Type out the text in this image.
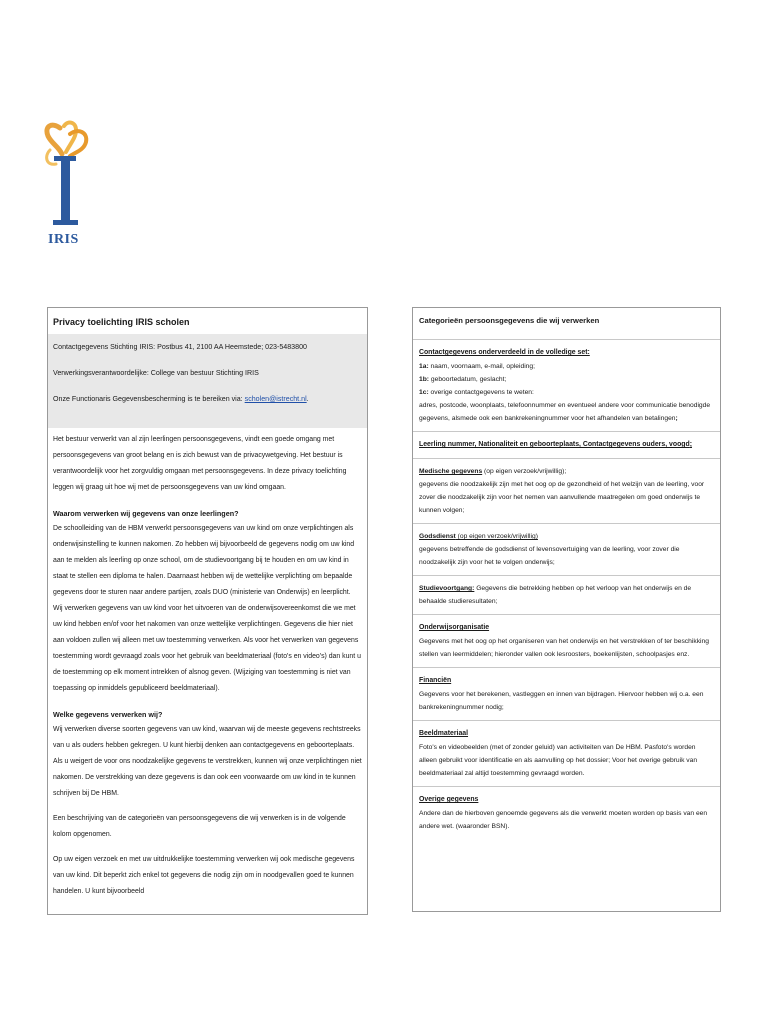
IRIS
Privacy toelichting IRIS scholen
Contactgegevens Stichting IRIS: Postbus 41, 2100 AA Heemstede; 023-5483800
Verwerkingsverantwoordelijke: College van bestuur Stichting IRIS
Onze Functionaris Gegevensbescherming is te bereiken via: scholen@istrecht.nl.
Het bestuur verwerkt van al zijn leerlingen persoonsgegevens, vindt een goede omgang met persoonsgegevens van groot belang en is zich bewust van de privacywetgeving. Het bestuur is verantwoordelijk voor het zorgvuldig omgaan met persoonsgegevens. In deze privacy toelichting leggen wij graag uit hoe wij met de persoonsgegevens van uw kind omgaan.
Waarom verwerken wij gegevens van onze leerlingen?
De schoolleiding van de HBM verwerkt persoonsgegevens van uw kind om onze verplichtingen als onderwijsinstelling te kunnen nakomen. Zo hebben wij bijvoorbeeld de gegevens nodig om uw kind aan te melden als leerling op onze school, om de studievoortgang bij te houden en om uw kind in staat te stellen een diploma te halen. Daarnaast hebben wij de wettelijke verplichting om bepaalde gegevens door te sturen naar andere partijen, zoals DUO (ministerie van Onderwijs) en leerplicht.
Wij verwerken gegevens van uw kind voor het uitvoeren van de onderwijsovereenkomst die we met uw kind hebben en/of voor het nakomen van onze wettelijke verplichtingen. Gegevens die hier niet aan voldoen zullen wij alleen met uw toestemming verwerken. Als voor het verwerken van gegevens toestemming wordt gevraagd zoals voor het gebruik van beeldmateriaal (foto's en video's) dan kunt u de toestemming op elk moment intrekken of alsnog geven. (Wijziging van toestemming is niet van toepassing op inmiddels gepubliceerd beeldmateriaal).
Welke gegevens verwerken wij?
Wij verwerken diverse soorten gegevens van uw kind, waarvan wij de meeste gegevens rechtstreeks van u als ouders hebben gekregen. U kunt hierbij denken aan contactgegevens en geboorteplaats. Als u weigert de voor ons noodzakelijke gegevens te verstrekken, kunnen wij onze verplichtingen niet nakomen. De verstrekking van deze gegevens is dan ook een voorwaarde om uw kind in te kunnen schrijven bij De HBM.
Een beschrijving van de categorieën van persoonsgegevens die wij verwerken is in de volgende kolom opgenomen.
Op uw eigen verzoek en met uw uitdrukkelijke toestemming verwerken wij ook medische gegevens van uw kind. Dit beperkt zich enkel tot gegevens die nodig zijn om in noodgevallen goed te kunnen handelen. U kunt bijvoorbeeld
Categorieën persoonsgegevens die wij verwerken
Contactgegevens onderverdeeld in de volledige set:
1a: naam, voornaam, e-mail, opleiding;
1b: geboortedatum, geslacht;
1c: overige contactgegevens te weten:
adres, postcode, woonplaats, telefoonnummer en eventueel andere voor communicatie benodigde gegevens, alsmede ook een bankrekeningnummer voor het afhandelen van betalingen;
Leerling nummer, Nationaliteit en geboorteplaats, Contactgegevens ouders, voogd;
Medische gegevens (op eigen verzoek/vrijwillig);
gegevens die noodzakelijk zijn met het oog op de gezondheid of het welzijn van de leerling, voor zover die noodzakelijk zijn voor het nemen van aanvullende maatregelen om goed onderwijs te kunnen volgen;
Godsdienst (op eigen verzoek/vrijwillig)
gegevens betreffende de godsdienst of levensovertuiging van de leerling, voor zover die noodzakelijk zijn voor het te volgen onderwijs;
Studievoortgang: Gegevens die betrekking hebben op het verloop van het onderwijs en de behaalde studieresultaten;
Onderwijsorganisatie
Gegevens met het oog op het organiseren van het onderwijs en het verstrekken of ter beschikking stellen van leermiddelen; hieronder vallen ook lesroosters, boekenlijsten, schoolpasjes enz.
Financiën
Gegevens voor het berekenen, vastleggen en innen van bijdragen. Hiervoor hebben wij o.a. een bankrekeningnummer nodig;
Beeldmateriaal
Foto's en videobeelden (met of zonder geluid) van activiteiten van De HBM. Pasfoto's worden alleen gebruikt voor identificatie en als aanvulling op het dossier; Voor het overige gebruik van beeldmateriaal zal altijd toestemming gevraagd worden.
Overige gegevens
Andere dan de hierboven genoemde gegevens als die verwerkt moeten worden op basis van een andere wet. (waaronder BSN).
